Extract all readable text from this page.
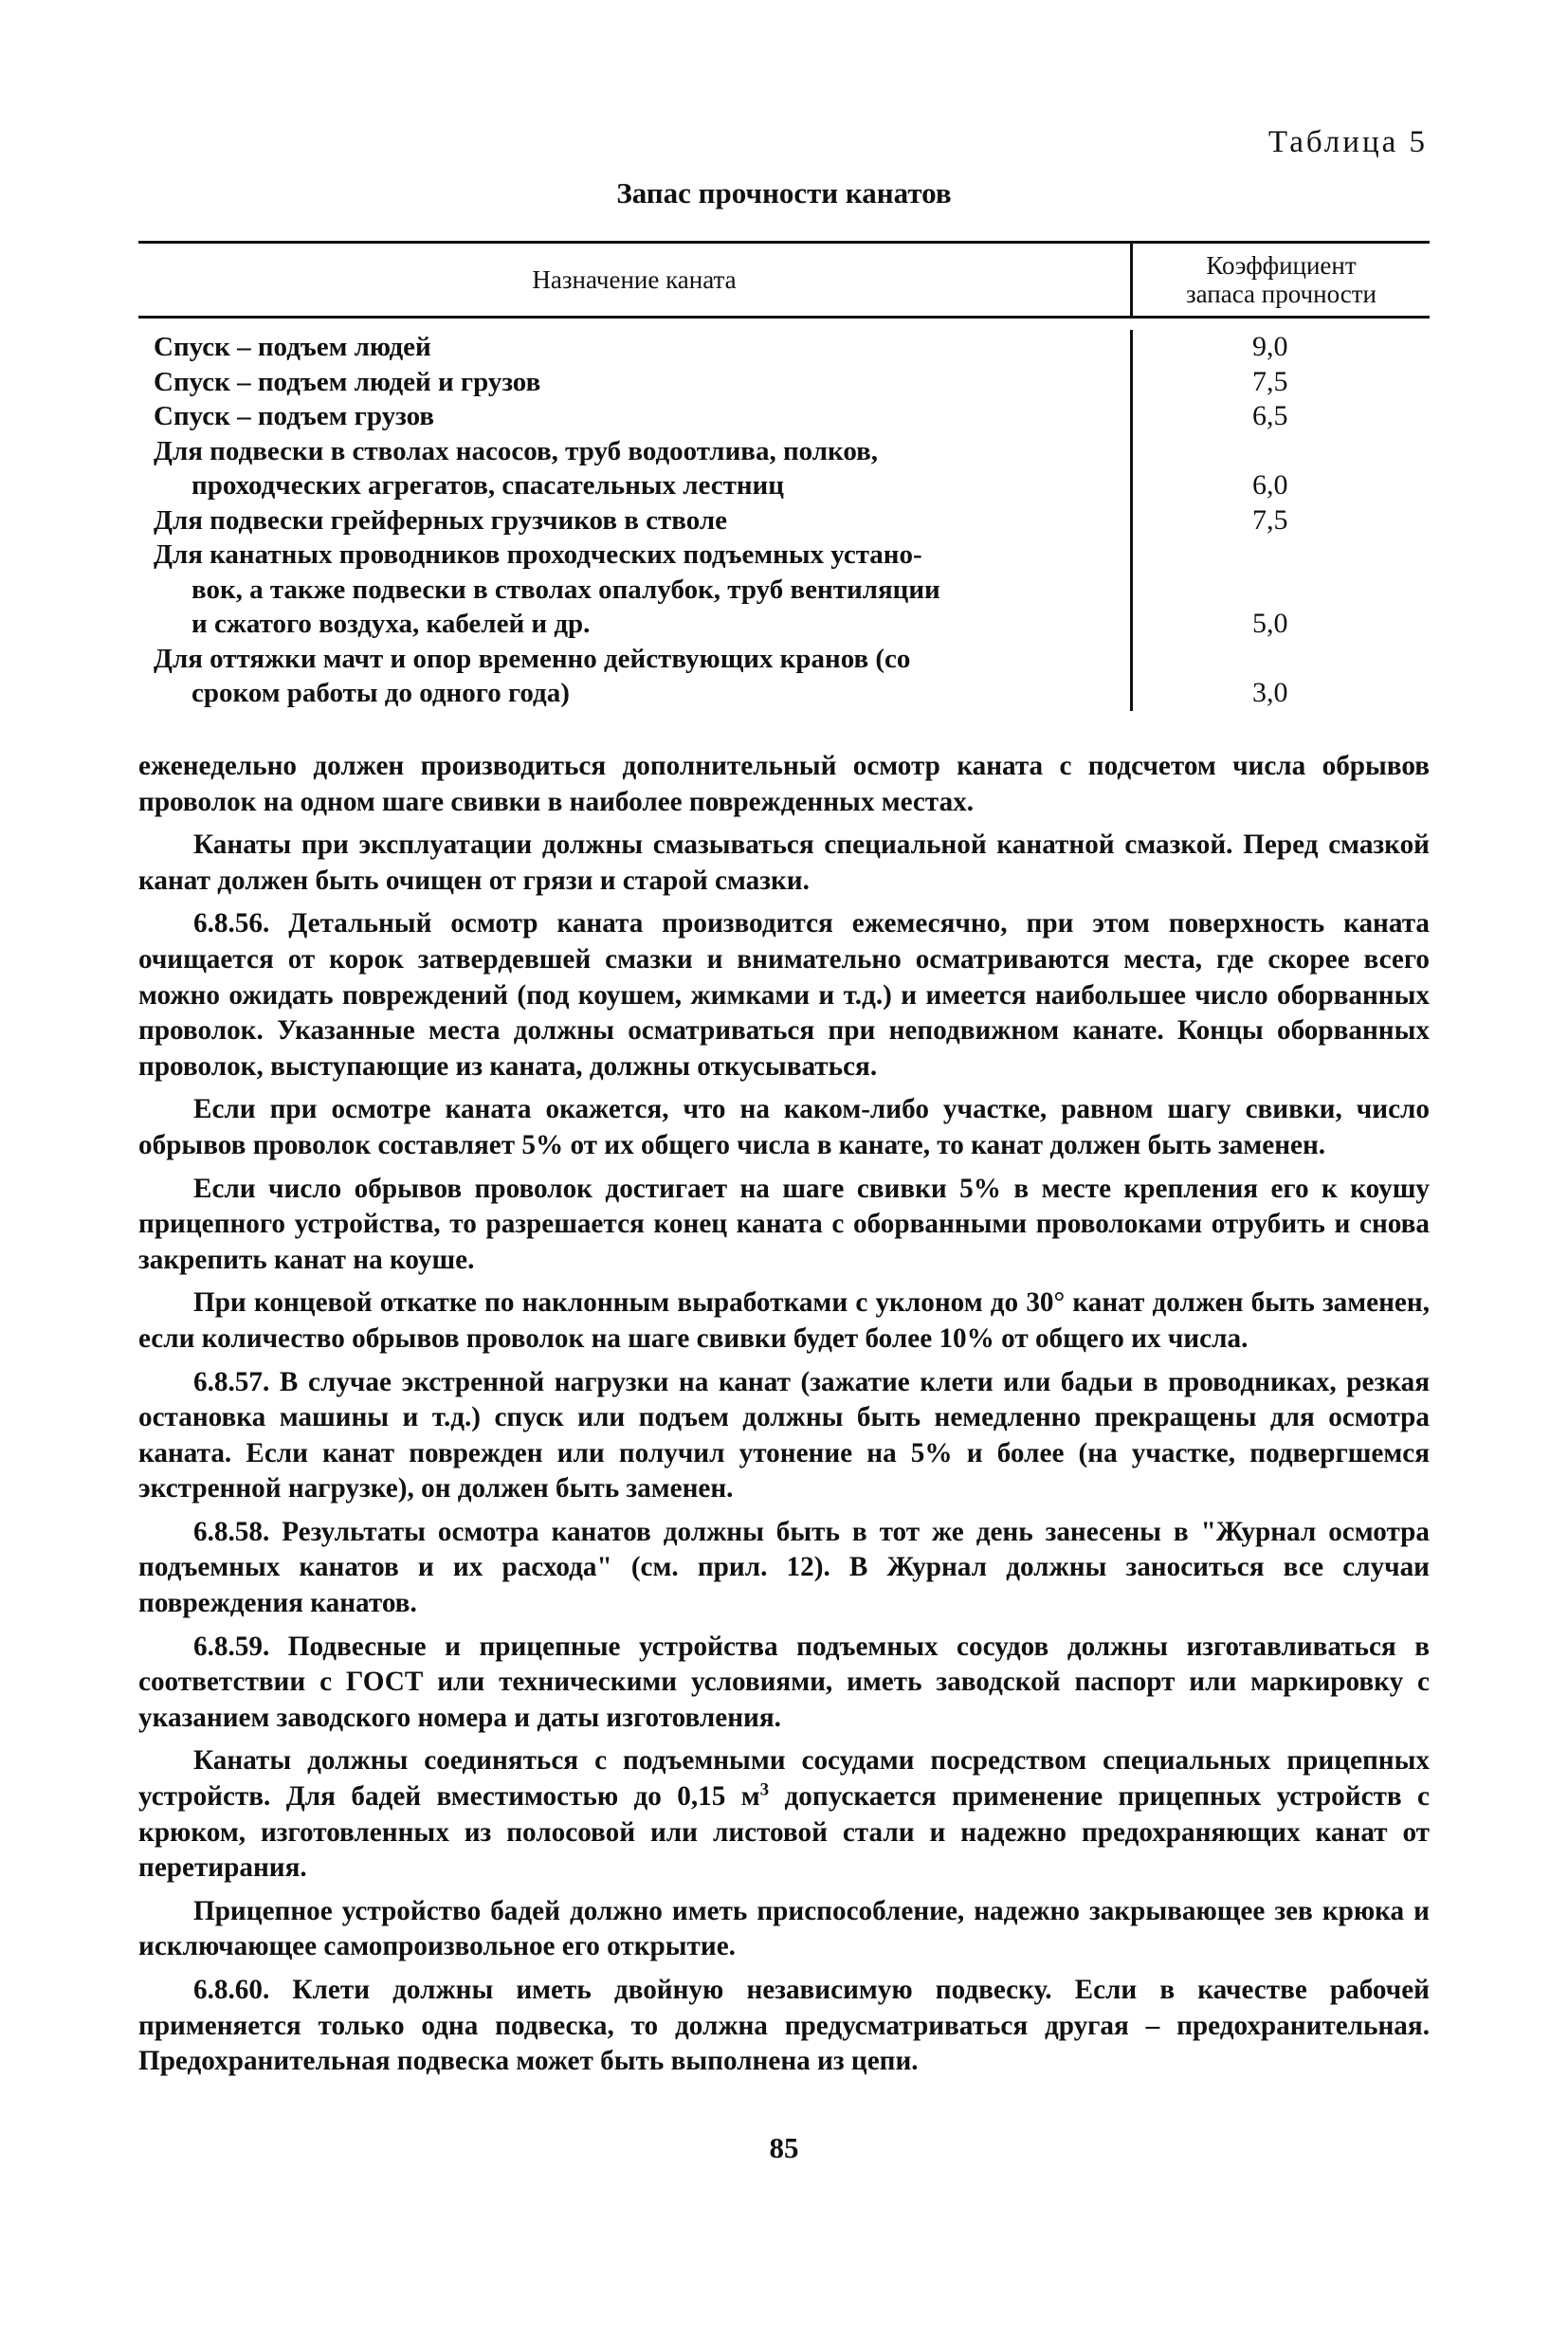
Таблица 5
Запас прочности канатов
Назначение каната	Коэффициент
запаса прочности
Спуск – подъем людей
Спуск – подъем людей и грузов
Спуск – подъем грузов
Для подвески в стволах насосов, труб водоотлива, полков,
проходческих агрегатов, спасательных лестниц
Для подвески грейферных грузчиков в стволе
Для канатных проводников проходческих подъемных устано-
вок, а также подвески в стволах опалубок, труб вентиляции
и сжатого воздуха, кабелей и др.
Для оттяжки мачт и опор временно действующих кранов (со
сроком работы до одного года)
9,0
7,5
6,5
6,0
7,5
5,0
3,0

еженедельно должен производиться дополнительный осмотр каната с подсчетом числа обрывов проволок на одном шаге свивки в наиболее поврежденных местах.

Канаты при эксплуатации должны смазываться специальной канатной смазкой. Перед смазкой канат должен быть очищен от грязи и старой смазки.

6.8.56. Детальный осмотр каната производится ежемесячно, при этом поверхность каната очищается от корок затвердевшей смазки и внимательно осматриваются места, где скорее всего можно ожидать повреждений (под коушем, жимками и т.д.) и имеется наибольшее число оборванных проволок. Указанные места должны осматриваться при неподвижном канате. Концы оборванных проволок, выступающие из каната, должны откусываться.

Если при осмотре каната окажется, что на каком-либо участке, равном шагу свивки, число обрывов проволок составляет 5% от их общего числа в канате, то канат должен быть заменен.

Если число обрывов проволок достигает на шаге свивки 5% в месте крепления его к коушу прицепного устройства, то разрешается конец каната с оборванными проволоками отрубить и снова закрепить канат на коуше.

При концевой откатке по наклонным выработками с уклоном до 30° канат должен быть заменен, если количество обрывов проволок на шаге свивки будет более 10% от общего их числа.

6.8.57. В случае экстренной нагрузки на канат (зажатие клети или бадьи в проводниках, резкая остановка машины и т.д.) спуск или подъем должны быть немедленно прекращены для осмотра каната. Если канат поврежден или получил утонение на 5% и более (на участке, подвергшемся экстренной нагрузке), он должен быть заменен.

6.8.58. Результаты осмотра канатов должны быть в тот же день занесены в "Журнал осмотра подъемных канатов и их расхода" (см. прил. 12). В Журнал должны заноситься все случаи повреждения канатов.

6.8.59. Подвесные и прицепные устройства подъемных сосудов должны изготавливаться в соответствии с ГОСТ или техническими условиями, иметь заводской паспорт или маркировку с указанием заводского номера и даты изготовления.

Канаты должны соединяться с подъемными сосудами посредством специальных прицепных устройств. Для бадей вместимостью до 0,15 $м^3$ допускается применение прицепных устройств с крюком, изготовленных из полосовой или листовой стали и надежно предохраняющих канат от перетирания.

Прицепное устройство бадей должно иметь приспособление, надежно закрывающее зев крюка и исключающее самопроизвольное его открытие.

6.8.60. Клети должны иметь двойную независимую подвеску. Если в качестве рабочей применяется только одна подвеска, то должна предусматриваться другая – предохранительная. Предохранительная подвеска может быть выполнена из цепи.

85
